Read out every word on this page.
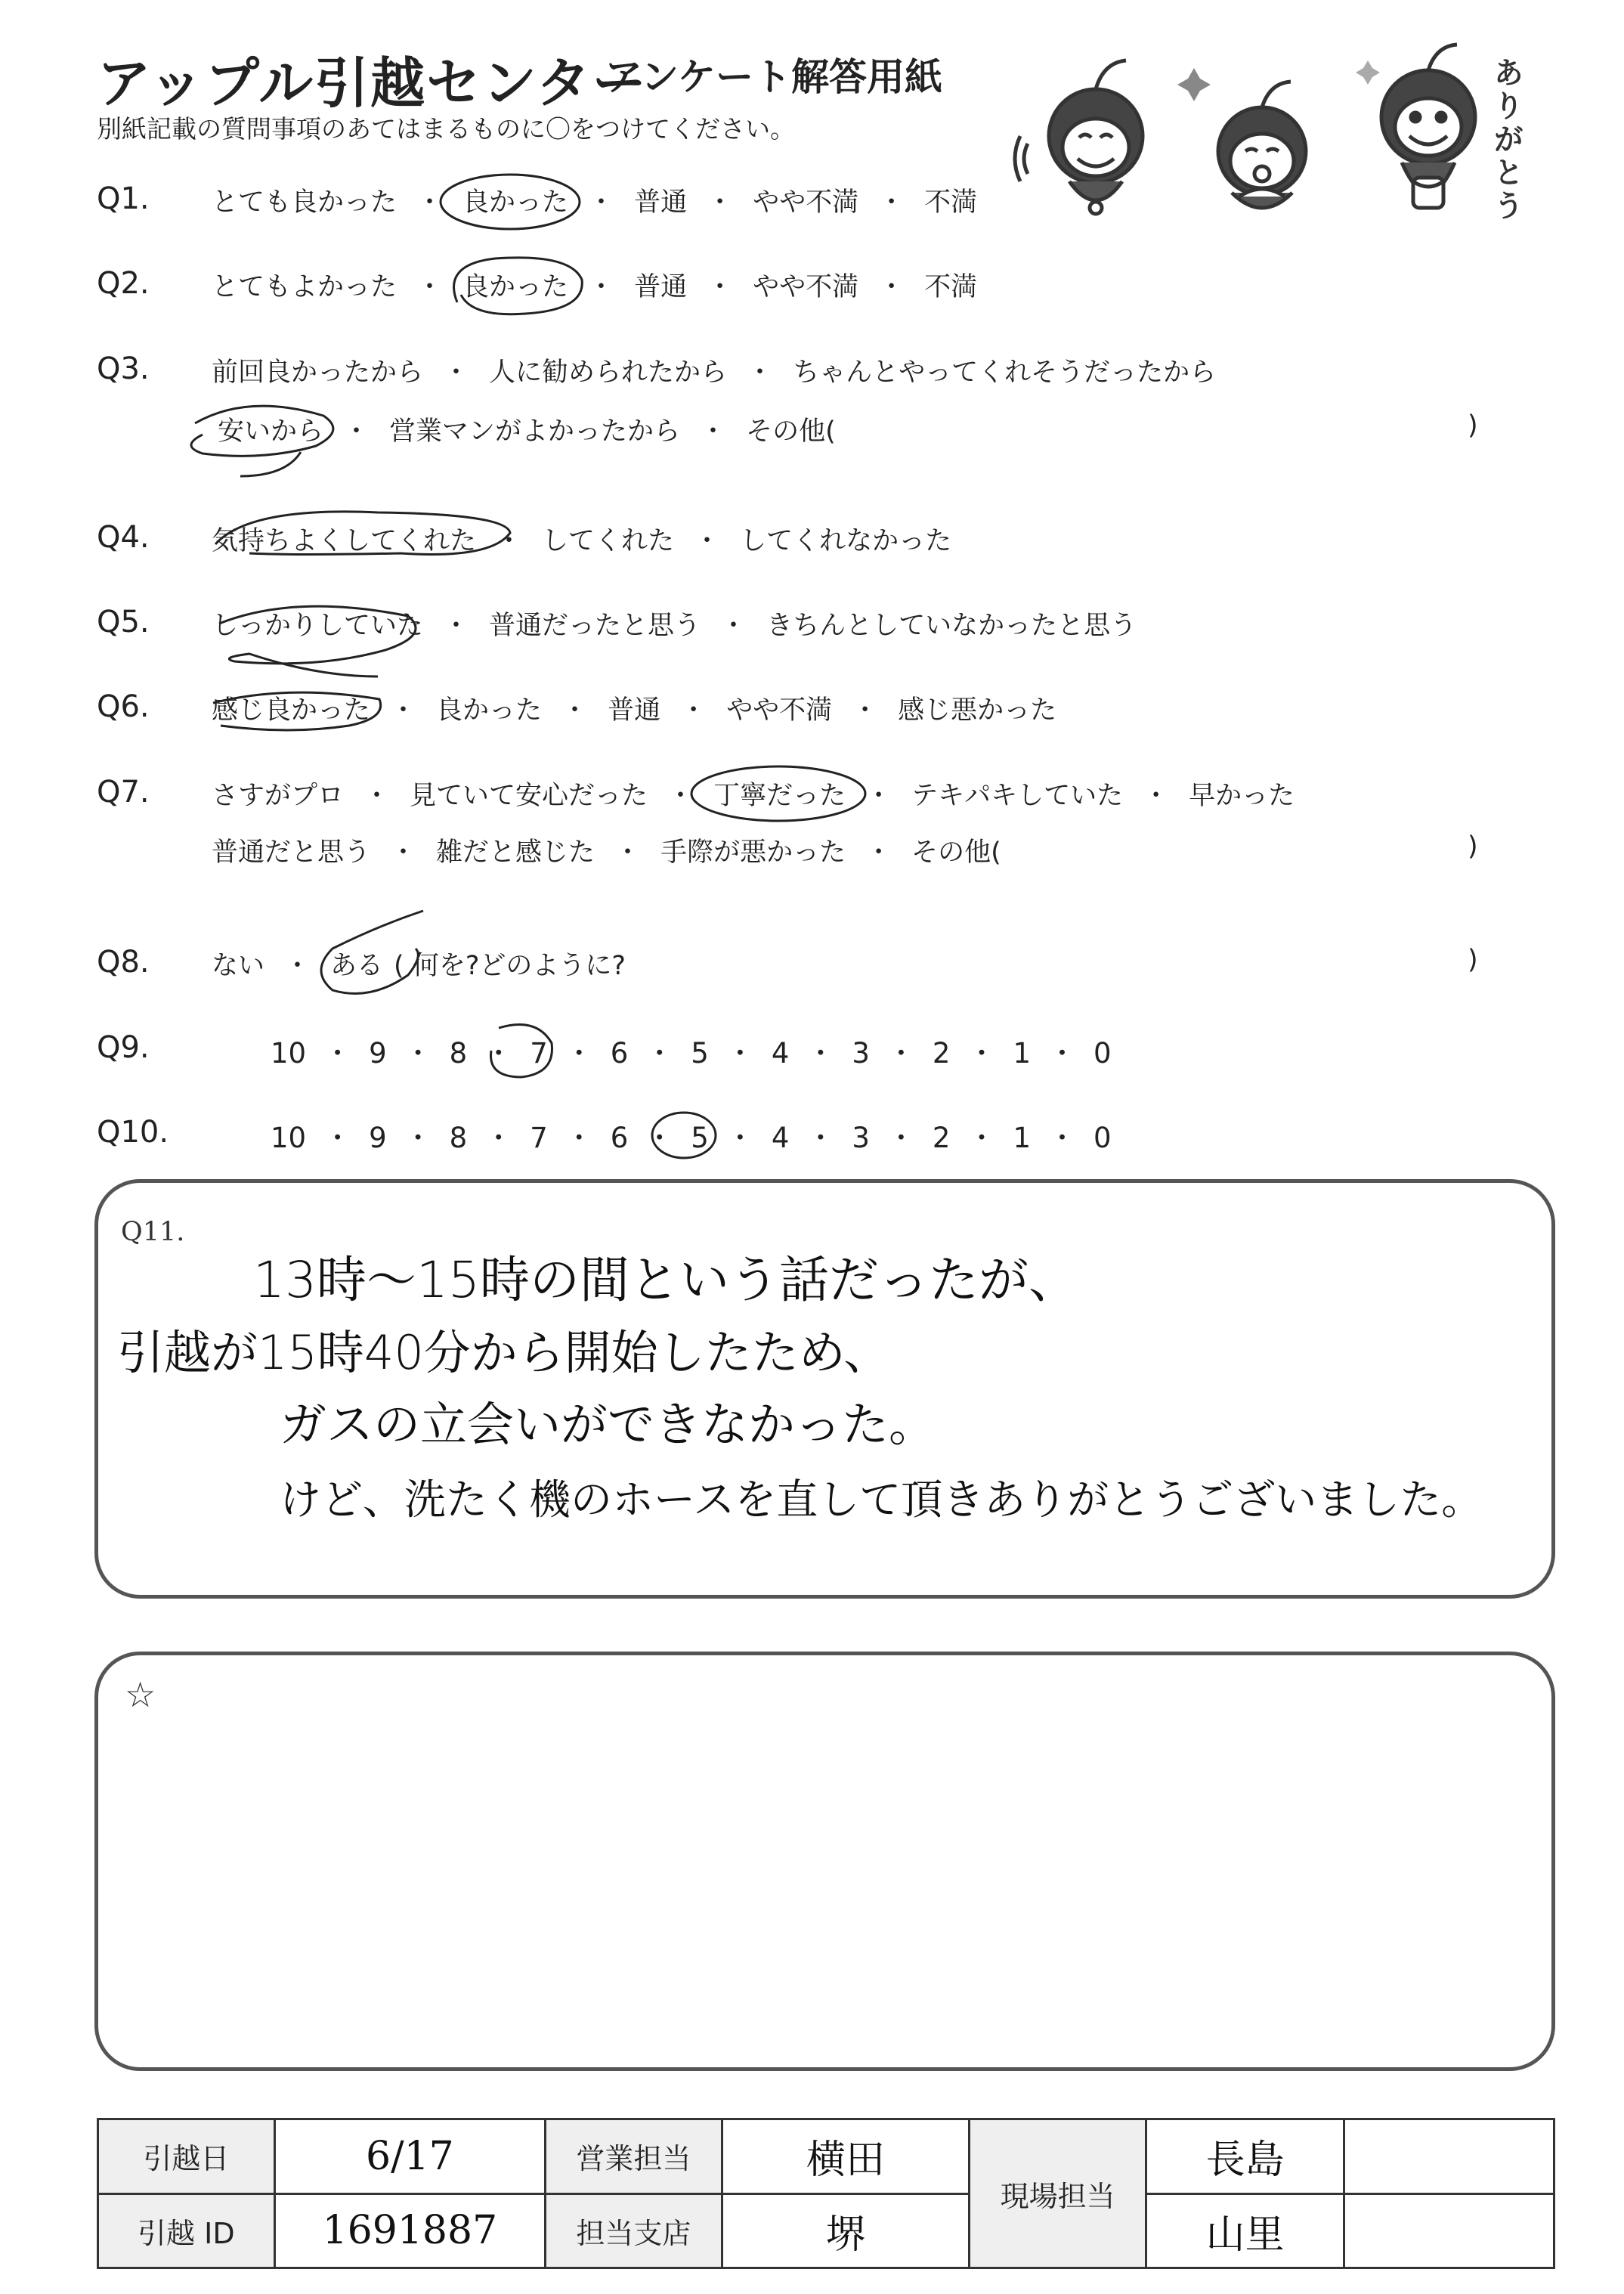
アップル引越センター
アンケート解答用紙
別紙記載の質問事項のあてはまるものに〇をつけてください。	ありがとう
Q1. とても良かった ・ 良かった ・ 普通 ・ やや不満 ・ 不満
Q2. とてもよかった ・ 良かった ・ 普通 ・ やや不満 ・ 不満
Q3. 前回良かったから ・ 人に勧められたから ・ ちゃんとやってくれそうだったから
安いから ・ 営業マンがよかったから ・ その他(	)
Q4. 気持ちよくしてくれた ・ してくれた ・ してくれなかった
Q5. しっかりしていた ・ 普通だったと思う ・ きちんとしていなかったと思う
Q6. 感じ良かった ・ 良かった ・ 普通 ・ やや不満 ・ 感じ悪かった
Q7. さすがプロ ・ 見ていて安心だった ・ 丁寧だった ・ テキパキしていた ・ 早かった
普通だと思う ・ 雑だと感じた ・ 手際が悪かった ・ その他(	)
Q8. ない ・ ある ( 何を?どのように?	)
Q9.	10 ・ 9 ・ 8 ・ 7 ・ 6 ・ 5 ・ 4 ・ 3 ・ 2 ・ 1 ・ 0
Q10.	10 ・ 9 ・ 8 ・ 7 ・ 6 ・ 5 ・ 4 ・ 3 ・ 2 ・ 1 ・ 0
Q11.
13時〜15時の間という話だったが、
引越が15時40分から開始したため、
ガスの立会いができなかった。
けど、洗たく機のホースを直して頂きありがとうございました。
☆
引越日	6/17	営業担当	横田	現場担当	長島	
引越 ID	1691887	担当支店	堺		山里	
